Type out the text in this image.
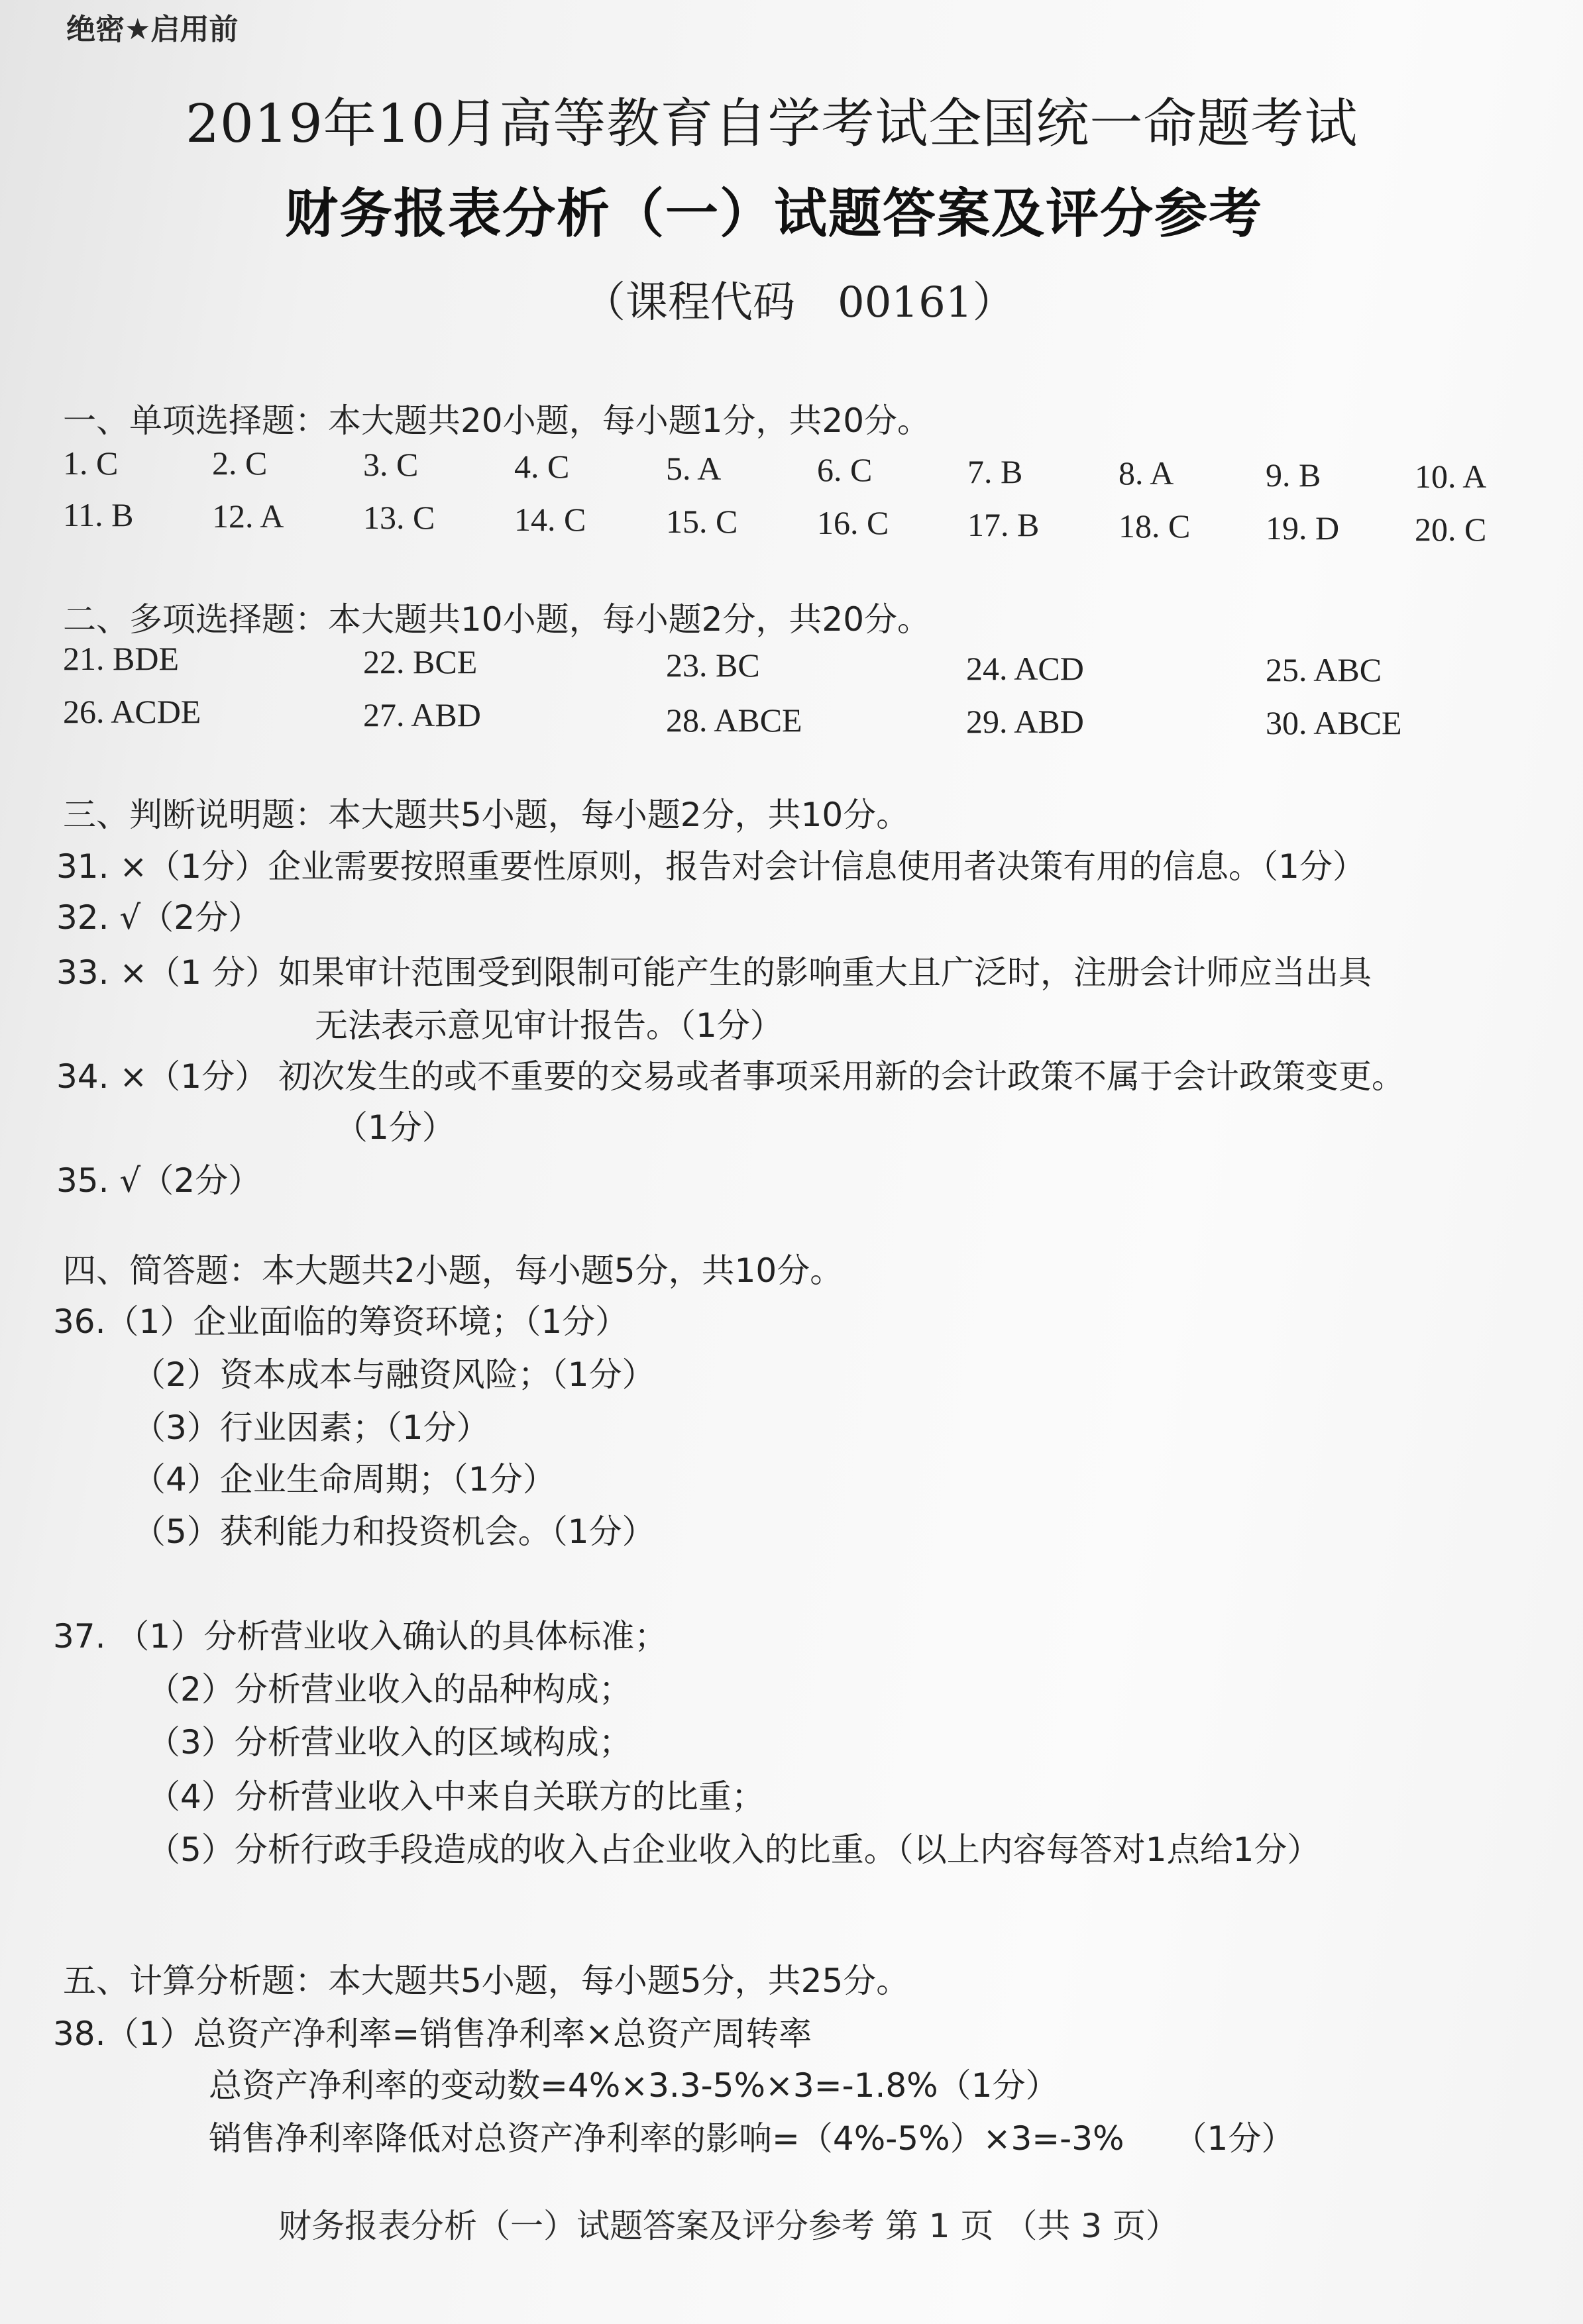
绝密★启用前
2019年10月高等教育自学考试全国统一命题考试
财务报表分析（一）试题答案及评分参考
（课程代码　00161）
一、单项选择题：本大题共20小题，每小题1分，共20分。
1. C	2. C	3. C	4. C	5. A	6. C	7. B	8. A	9. B	10. A
11. B 12. A 13. C 14. C 15. C 16. C 17. B 18. C 19. D 20. C
二、多项选择题：本大题共10小题，每小题2分，共20分。
21. BDE	22. BCE	23. BC	24. ACD	25. ABC
26. ACDE	27. ABD	28. ABCE	29. ABD	30. ABCE
三、判断说明题：本大题共5小题，每小题2分，共10分。
31. ×（1分）企业需要按照重要性原则，报告对会计信息使用者决策有用的信息。（1分）
32. √（2分）
33. ×（1 分）如果审计范围受到限制可能产生的影响重大且广泛时，注册会计师应当出具
无法表示意见审计报告。（1分）
34. ×（1分） 初次发生的或不重要的交易或者事项采用新的会计政策不属于会计政策变更。
（1分）
35. √（2分）
四、简答题：本大题共2小题，每小题5分，共10分。
36.（1）企业面临的筹资环境；（1分）
（2）资本成本与融资风险；（1分）
（3）行业因素；（1分）
（4）企业生命周期；（1分）
（5）获利能力和投资机会。（1分）
37. （1）分析营业收入确认的具体标准；
（2）分析营业收入的品种构成；
（3）分析营业收入的区域构成；
（4）分析营业收入中来自关联方的比重；
（5）分析行政手段造成的收入占企业收入的比重。（以上内容每答对1点给1分）
五、计算分析题：本大题共5小题，每小题5分，共25分。
38.（1）总资产净利率=销售净利率×总资产周转率
总资产净利率的变动数=4%×3.3-5%×3=-1.8%（1分）
销售净利率降低对总资产净利率的影响=（4%-5%）×3=-3%　　（1分）
财务报表分析（一）试题答案及评分参考 第 1 页 （共 3 页）
